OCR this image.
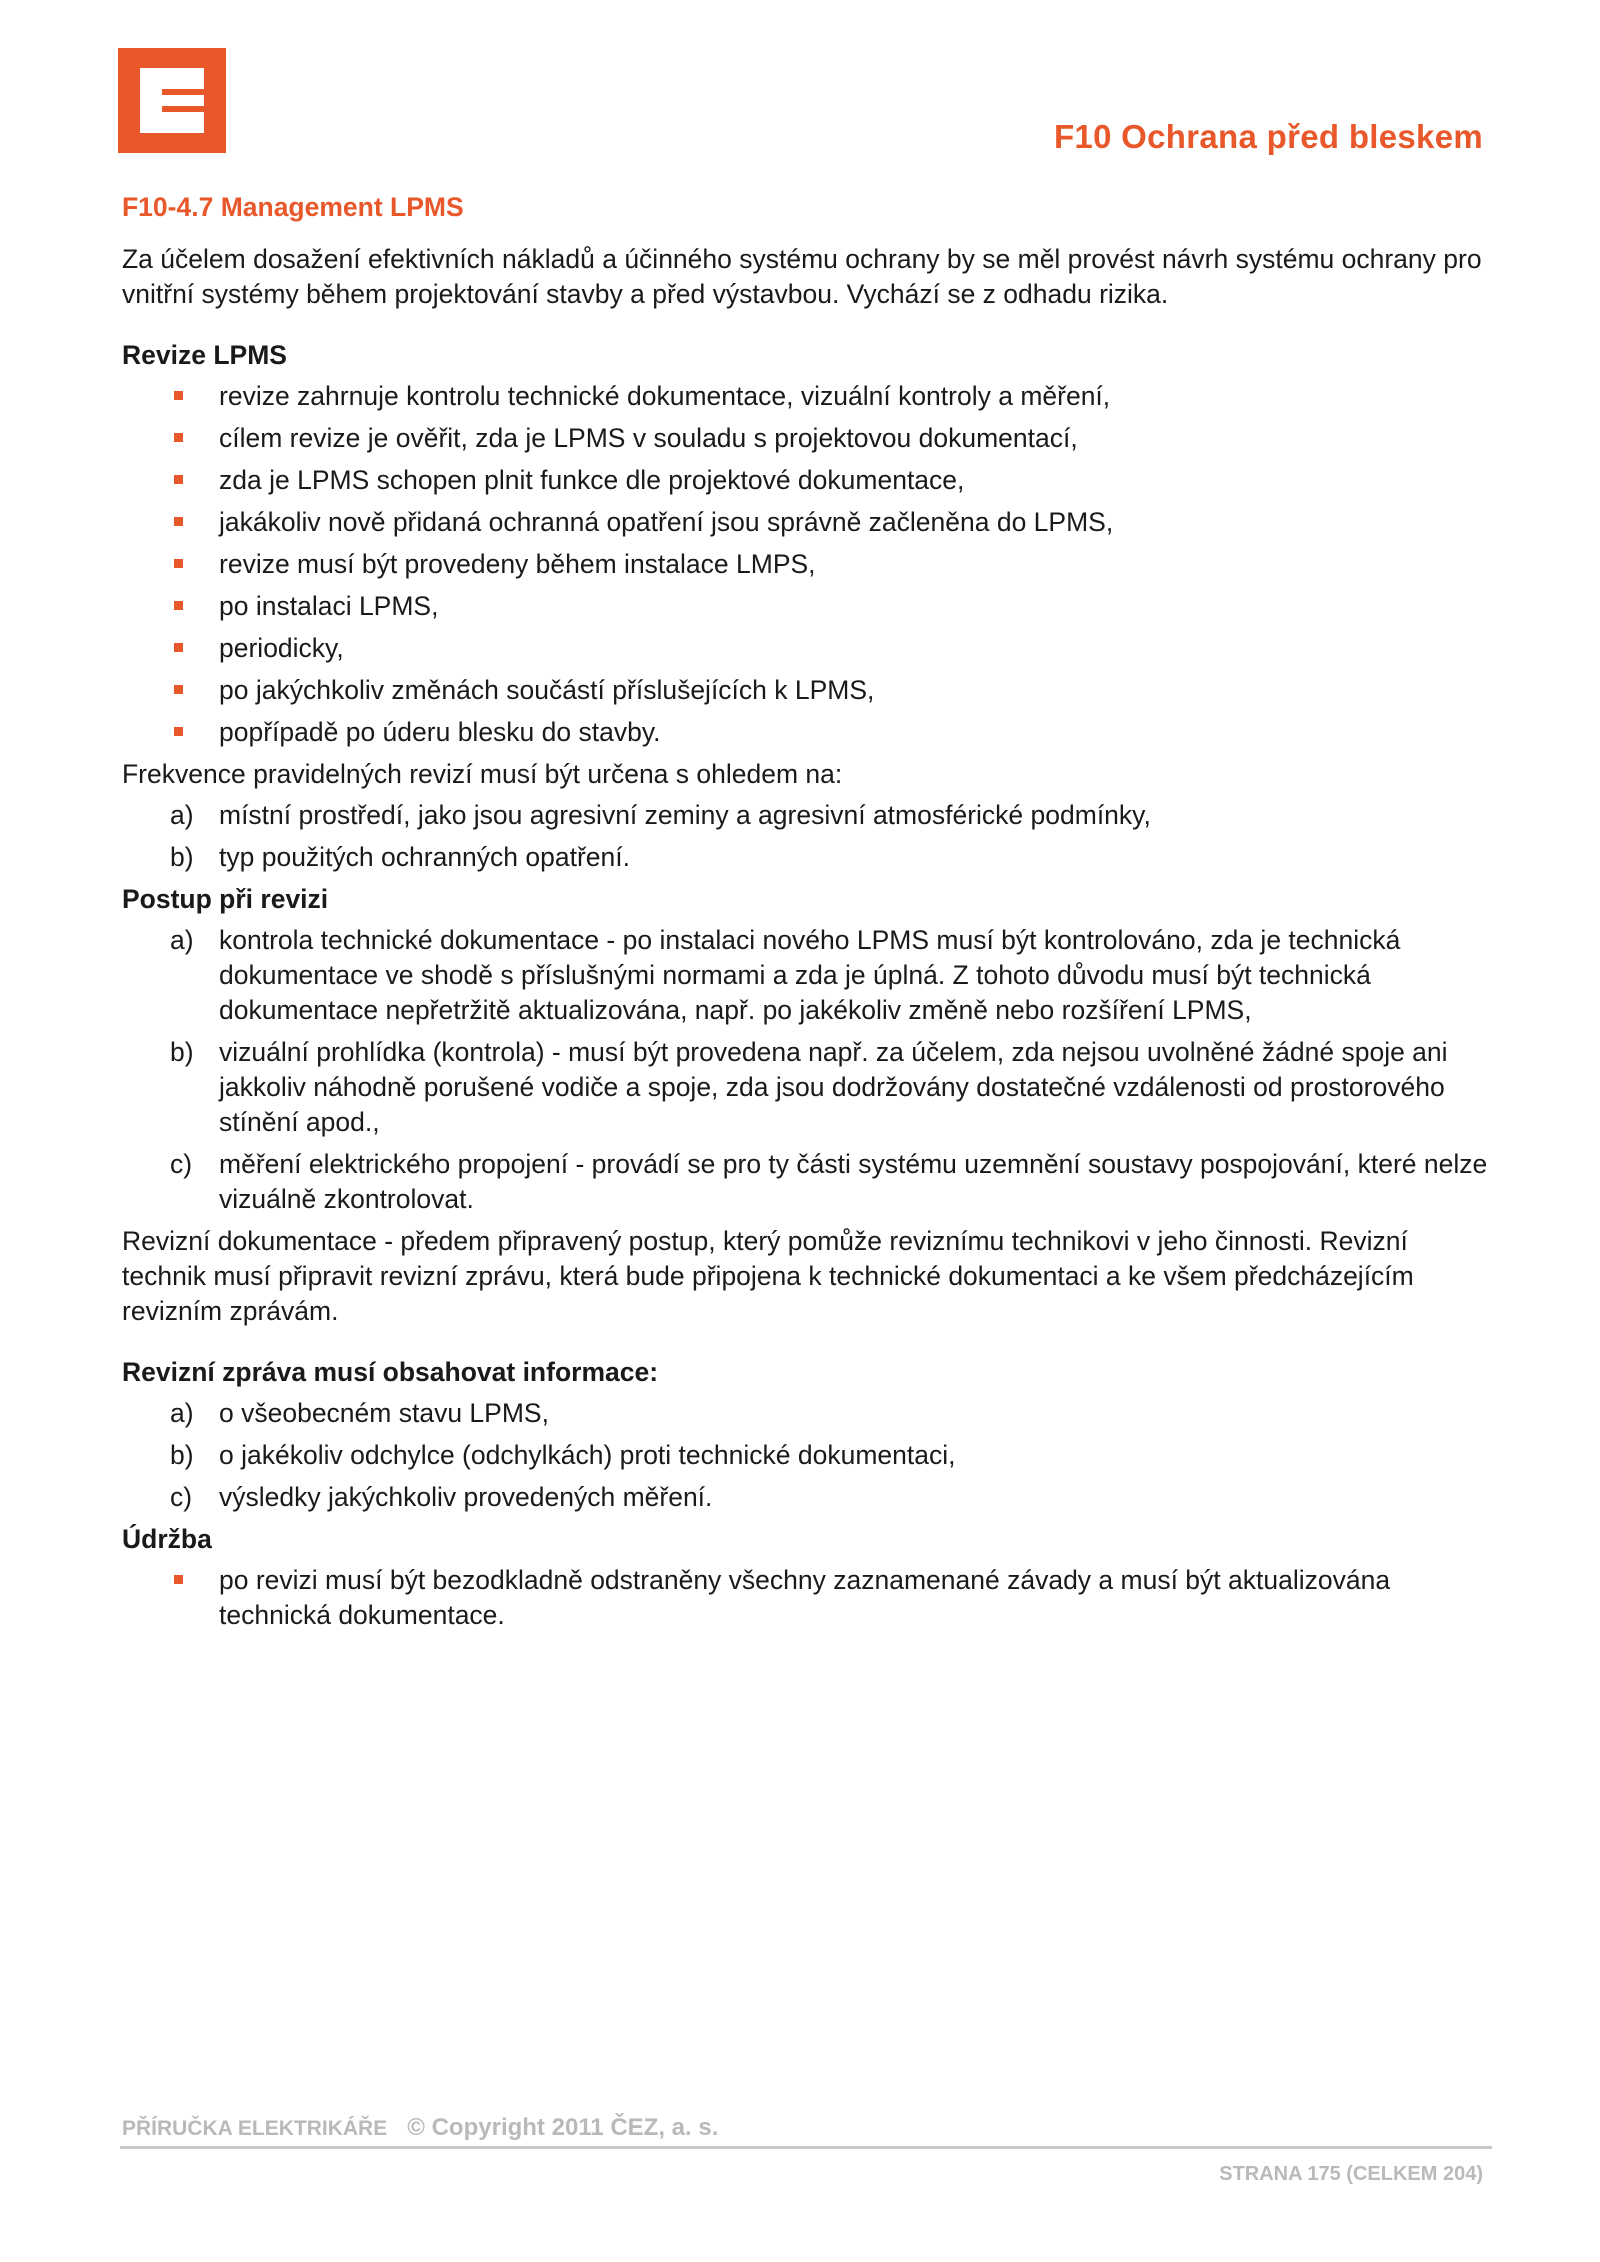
F10 Ochrana před bleskem
F10-4.7 Management LPMS

Za účelem dosažení efektivních nákladů a účinného systému ochrany by se měl provést návrh systému ochrany pro vnitřní systémy během projektování stavby a před výstavbou. Vychází se z odhadu rizika.

Revize LPMS
revize zahrnuje kontrolu technické dokumentace, vizuální kontroly a měření,
cílem revize je ověřit, zda je LPMS v souladu s projektovou dokumentací,
zda je LPMS schopen plnit funkce dle projektové dokumentace,
jakákoliv nově přidaná ochranná opatření jsou správně začleněna do LPMS,
revize musí být provedeny během instalace LMPS,
po instalaci LPMS,
periodicky,
po jakýchkoliv změnách součástí příslušejících k LPMS,
popřípadě po úderu blesku do stavby.

Frekvence pravidelných revizí musí být určena s ohledem na:

a) místní prostředí, jako jsou agresivní zeminy a agresivní atmosférické podmínky,
b) typ použitých ochranných opatření.
Postup při revizi
a) kontrola technické dokumentace - po instalaci nového LPMS musí být kontrolováno, zda je technická dokumentace ve shodě s příslušnými normami a zda je úplná. Z tohoto důvodu musí být technická dokumentace nepřetržitě aktualizována, např. po jakékoliv změně nebo rozšíření LPMS,
b) vizuální prohlídka (kontrola) - musí být provedena např. za účelem, zda nejsou uvolněné žádné spoje ani jakkoliv náhodně porušené vodiče a spoje, zda jsou dodržovány dostatečné vzdálenosti od prostorového stínění apod.,
c) měření elektrického propojení - provádí se pro ty části systému uzemnění soustavy pospojování, které nelze vizuálně zkontrolovat.

Revizní dokumentace - předem připravený postup, který pomůže reviznímu technikovi v jeho činnosti. Revizní technik musí připravit revizní zprávu, která bude připojena k technické dokumentaci a ke všem předcházejícím revizním zprávám.

Revizní zpráva musí obsahovat informace:
a) o všeobecném stavu LPMS,
b) o jakékoliv odchylce (odchylkách) proti technické dokumentaci,
c) výsledky jakýchkoliv provedených měření.
Údržba
po revizi musí být bezodkladně odstraněny všechny zaznamenané závady a musí být aktualizována technická dokumentace.
PŘÍRUČKA ELEKTRIKÁŘE © Copyright 2011 ČEZ, a. s.
STRANA 175 (CELKEM 204)
